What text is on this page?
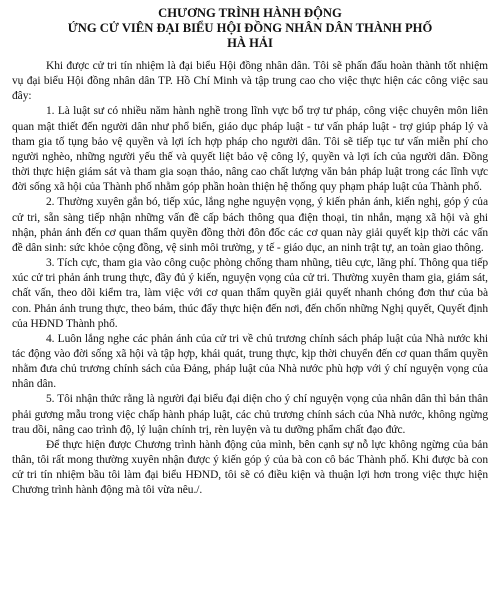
CHƯƠNG TRÌNH HÀNH ĐỘNG

ỨNG CỬ VIÊN ĐẠI BIỂU HỘI ĐỒNG NHÂN DÂN THÀNH PHỐ

HÀ HẢI

Khi được cử tri tín nhiệm là đại biểu Hội đồng nhân dân. Tôi sẽ phấn đấu hoàn thành tốt nhiệm vụ đại biểu Hội đồng nhân dân TP. Hồ Chí Minh và tập trung cao cho việc thực hiện các công việc sau đây:

1. Là luật sư có nhiều năm hành nghề trong lĩnh vực bổ trợ tư pháp, công việc chuyên môn liên quan mật thiết đến người dân như phổ biến, giáo dục pháp luật - tư vấn pháp luật - trợ giúp pháp lý và tham gia tố tụng bảo vệ quyền và lợi ích hợp pháp cho người dân. Tôi sẽ tiếp tục tư vấn miễn phí cho người nghèo, những người yếu thế và quyết liệt bảo vệ công lý, quyền và lợi ích của người dân. Đồng thời thực hiện giám sát và tham gia soạn thảo, nâng cao chất lượng văn bản pháp luật trong các lĩnh vực đời sống xã hội của Thành phố nhằm góp phần hoàn thiện hệ thống quy phạm pháp luật của Thành phố.

2. Thường xuyên gắn bó, tiếp xúc, lắng nghe nguyện vọng, ý kiến phản ánh, kiến nghị, góp ý của cử tri, sẵn sàng tiếp nhận những vấn đề cấp bách thông qua điện thoại, tin nhắn, mạng xã hội và ghi nhận, phản ánh đến cơ quan thẩm quyền đồng thời đôn đốc các cơ quan này giải quyết kịp thời các vấn đề dân sinh: sức khỏe cộng đồng, vệ sinh môi trường, y tế - giáo dục, an ninh trật tự, an toàn giao thông.

3. Tích cực, tham gia vào công cuộc phòng chống tham nhũng, tiêu cực, lãng phí. Thông qua tiếp xúc cử tri phản ánh trung thực, đầy đủ ý kiến, nguyện vọng của cử tri. Thường xuyên tham gia, giám sát, chất vấn, theo dõi kiểm tra, làm việc với cơ quan thẩm quyền giải quyết nhanh chóng đơn thư của bà con. Phản ánh trung thực, theo bám, thúc đẩy thực hiện đến nơi, đến chốn những Nghị quyết, Quyết định của HĐND Thành phố.

4. Luôn lắng nghe các phản ánh của cử tri về chủ trương chính sách pháp luật của Nhà nước khi tác động vào đời sống xã hội và tập hợp, khái quát, trung thực, kịp thời chuyển đến cơ quan thẩm quyền nhằm đưa chủ trương chính sách của Đảng, pháp luật của Nhà nước phù hợp với ý chí nguyện vọng của nhân dân.

5. Tôi nhận thức rằng là người đại biểu đại diện cho ý chí nguyện vọng của nhân dân thì bản thân phải gương mẫu trong việc chấp hành pháp luật, các chủ trương chính sách của Nhà nước, không ngừng trau dồi, nâng cao trình độ, lý luận chính trị, rèn luyện và tu dưỡng phẩm chất đạo đức.

Để thực hiện được Chương trình hành động của mình, bên cạnh sự nỗ lực không ngừng của bản thân, tôi rất mong thường xuyên nhận được ý kiến góp ý của bà con cô bác Thành phố. Khi được bà con cử tri tín nhiệm bầu tôi làm đại biểu HĐND, tôi sẽ có điều kiện và thuận lợi hơn trong việc thực hiện Chương trình hành động mà tôi vừa nêu./.
